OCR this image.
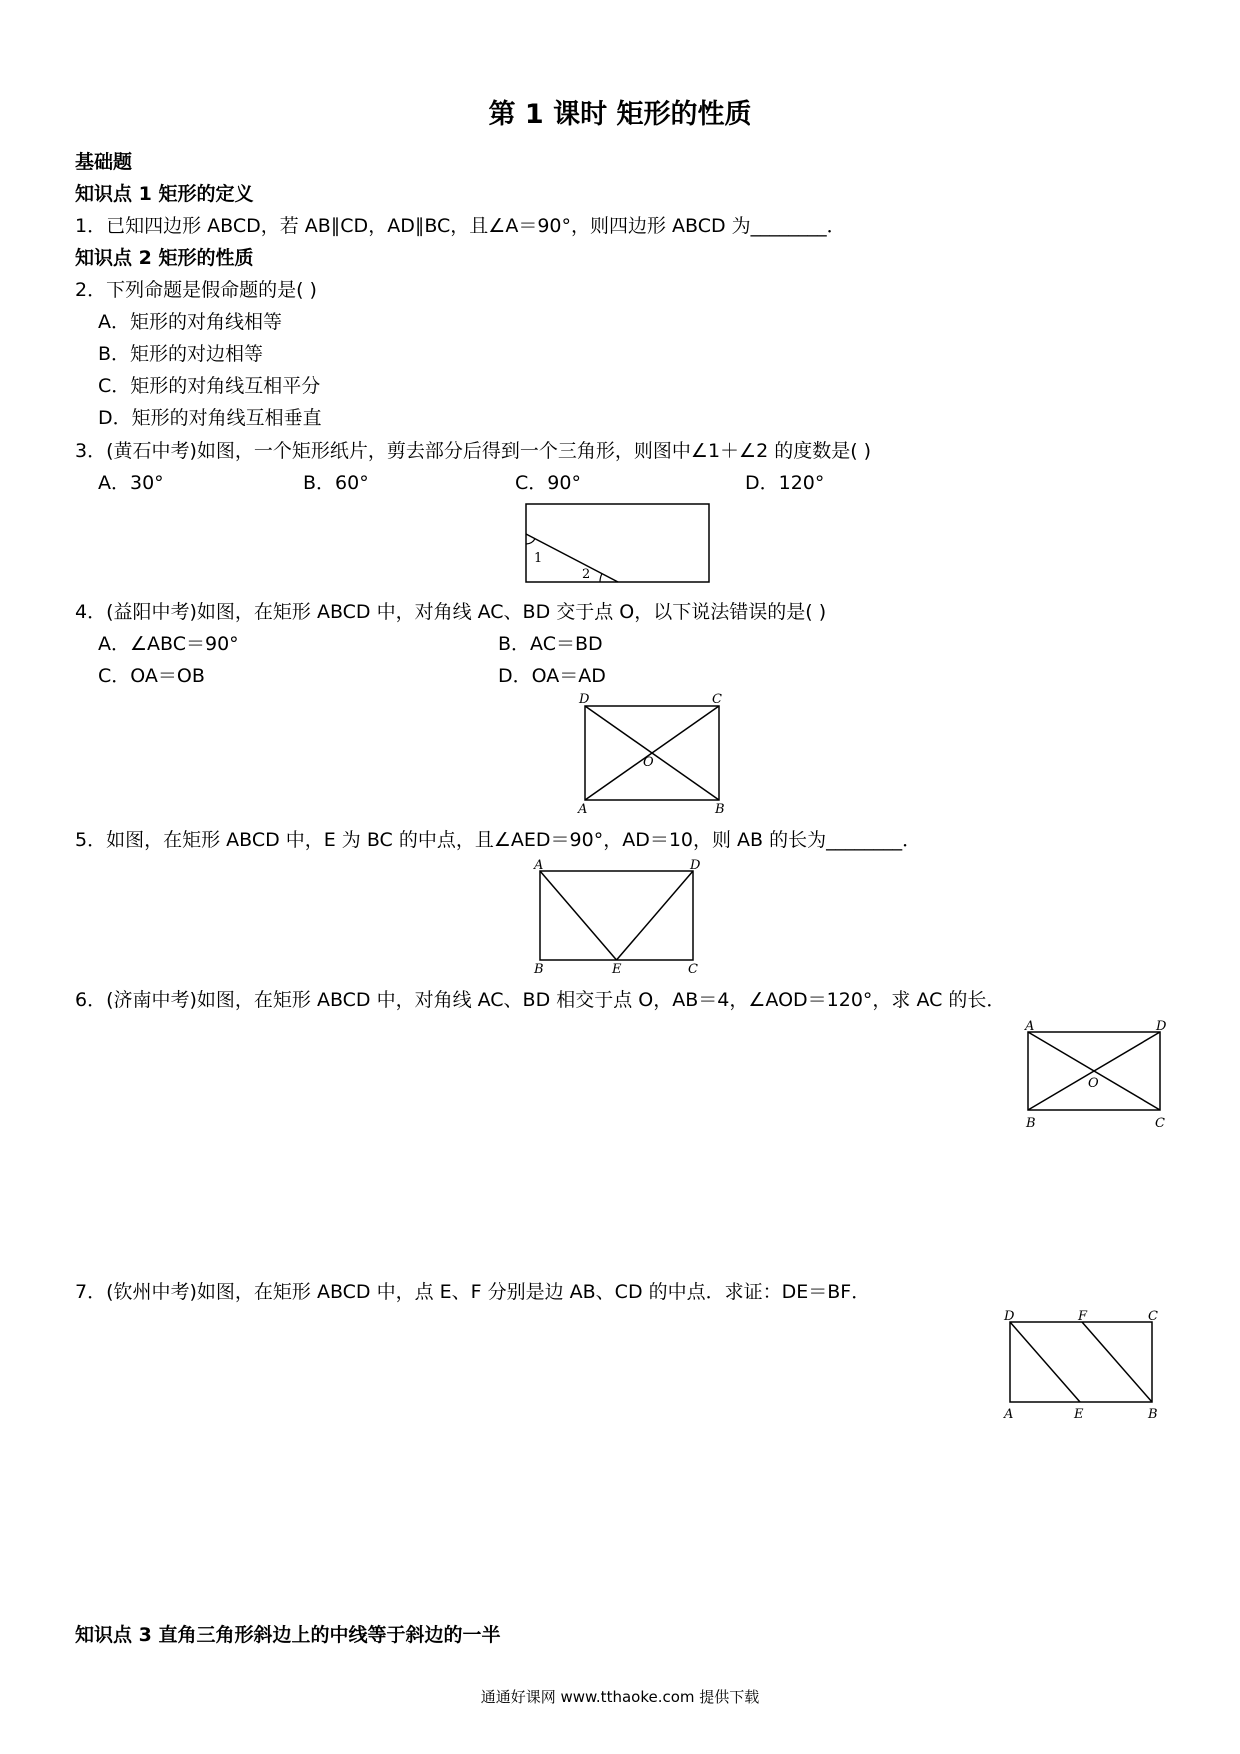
第 1 课时 矩形的性质
基础题
知识点 1 矩形的定义
1．已知四边形 ABCD，若 AB∥CD，AD∥BC，且∠A＝90°，则四边形 ABCD 为________．
知识点 2 矩形的性质
2．下列命题是假命题的是( )
A．矩形的对角线相等
B．矩形的对边相等
C．矩形的对角线互相平分
D．矩形的对角线互相垂直
3．(黄石中考)如图，一个矩形纸片，剪去部分后得到一个三角形，则图中∠1＋∠2 的度数是( )
A．30°	B．60°	C．90°	D．120°
1
2
4．(益阳中考)如图，在矩形 ABCD 中，对角线 AC、BD 交于点 O，以下说法错误的是( )
A．∠ABC＝90°	B．AC＝BD
C．OA＝OB	D．OA＝AD
D	C
O
A	B
5．如图，在矩形 ABCD 中，E 为 BC 的中点，且∠AED＝90°，AD＝10，则 AB 的长为________．
A	D
B	E	C
6．(济南中考)如图，在矩形 ABCD 中，对角线 AC、BD 相交于点 O，AB＝4，∠AOD＝120°，求 AC 的长．
A	D
O
B	C
7．(钦州中考)如图，在矩形 ABCD 中，点 E、F 分别是边 AB、CD 的中点．求证：DE＝BF．
D	F	C
A	E	B
知识点 3 直角三角形斜边上的中线等于斜边的一半
通通好课网 www.tthaoke.com 提供下载
